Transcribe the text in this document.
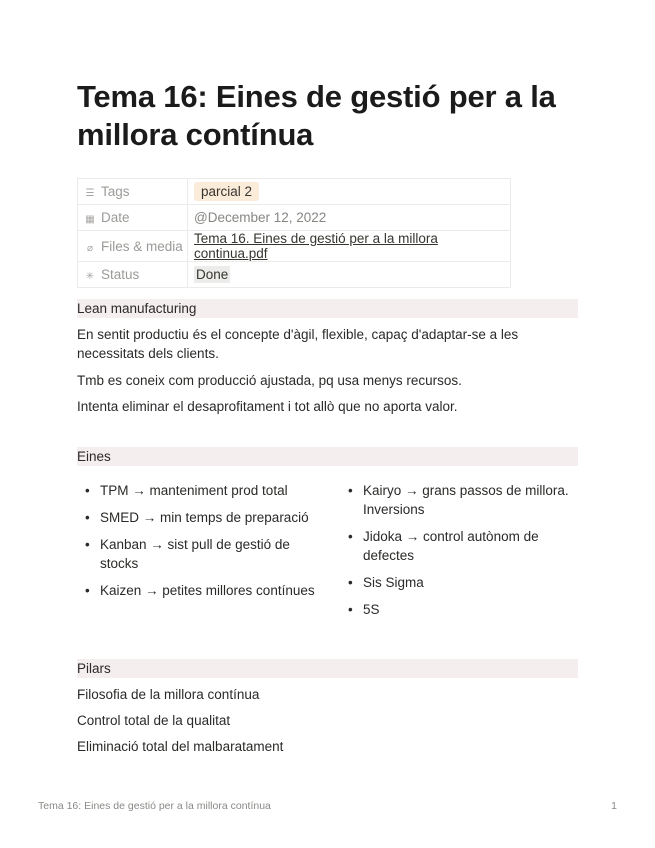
Tema 16: Eines de gestió per a la millora contínua
☰ Tags	parcial 2
▦ Date	@December 12, 2022
⌀ Files & media	Tema 16. Eines de gestió per a la millora continua.pdf
✳ Status	Done
Lean manufacturing

En sentit productiu és el concepte d'àgil, flexible, capaç d'adaptar-se a les necessitats dels clients.

Tmb es coneix com producció ajustada, pq usa menys recursos.

Intenta eliminar el desaprofitament i tot allò que no aporta valor.

Eines
• TPM → manteniment prod total
• SMED → min temps de preparació
• Kanban → sist pull de gestió de stocks
• Kaizen → petites millores contínues
• Kairyo → grans passos de millora. Inversions
• Jidoka → control autònom de defectes
• Sis Sigma
• 5S
Pilars

Filosofia de la millora contínua

Control total de la qualitat

Eliminació total del malbaratament

Tema 16: Eines de gestió per a la millora contínua	1
